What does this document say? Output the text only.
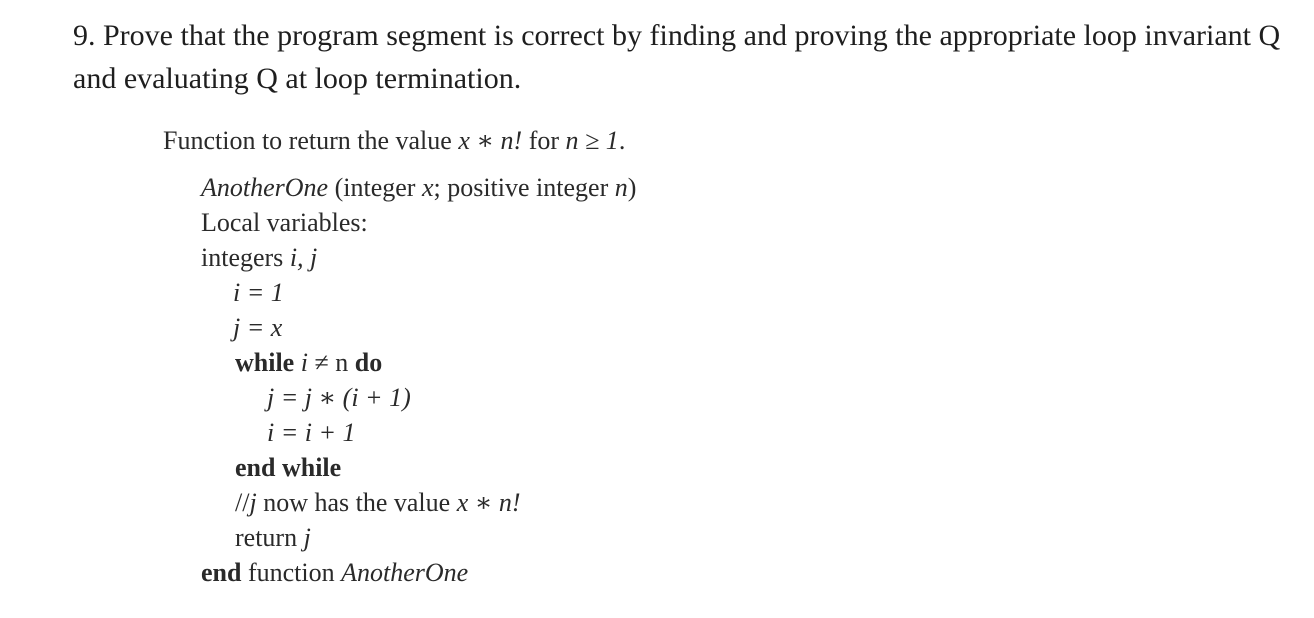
9. Prove that the program segment is correct by finding and proving the appropriate loop invariant Q and evaluating Q at loop termination.
Function to return the value x ∗ n! for n ≥ 1.
AnotherOne (integer x; positive integer n)
Local variables:
integers i, j
i = 1
j = x
while i ≠ n do
j = j ∗ (i + 1)
i = i + 1
end while
//j now has the value x ∗ n!
return j
end function AnotherOne
